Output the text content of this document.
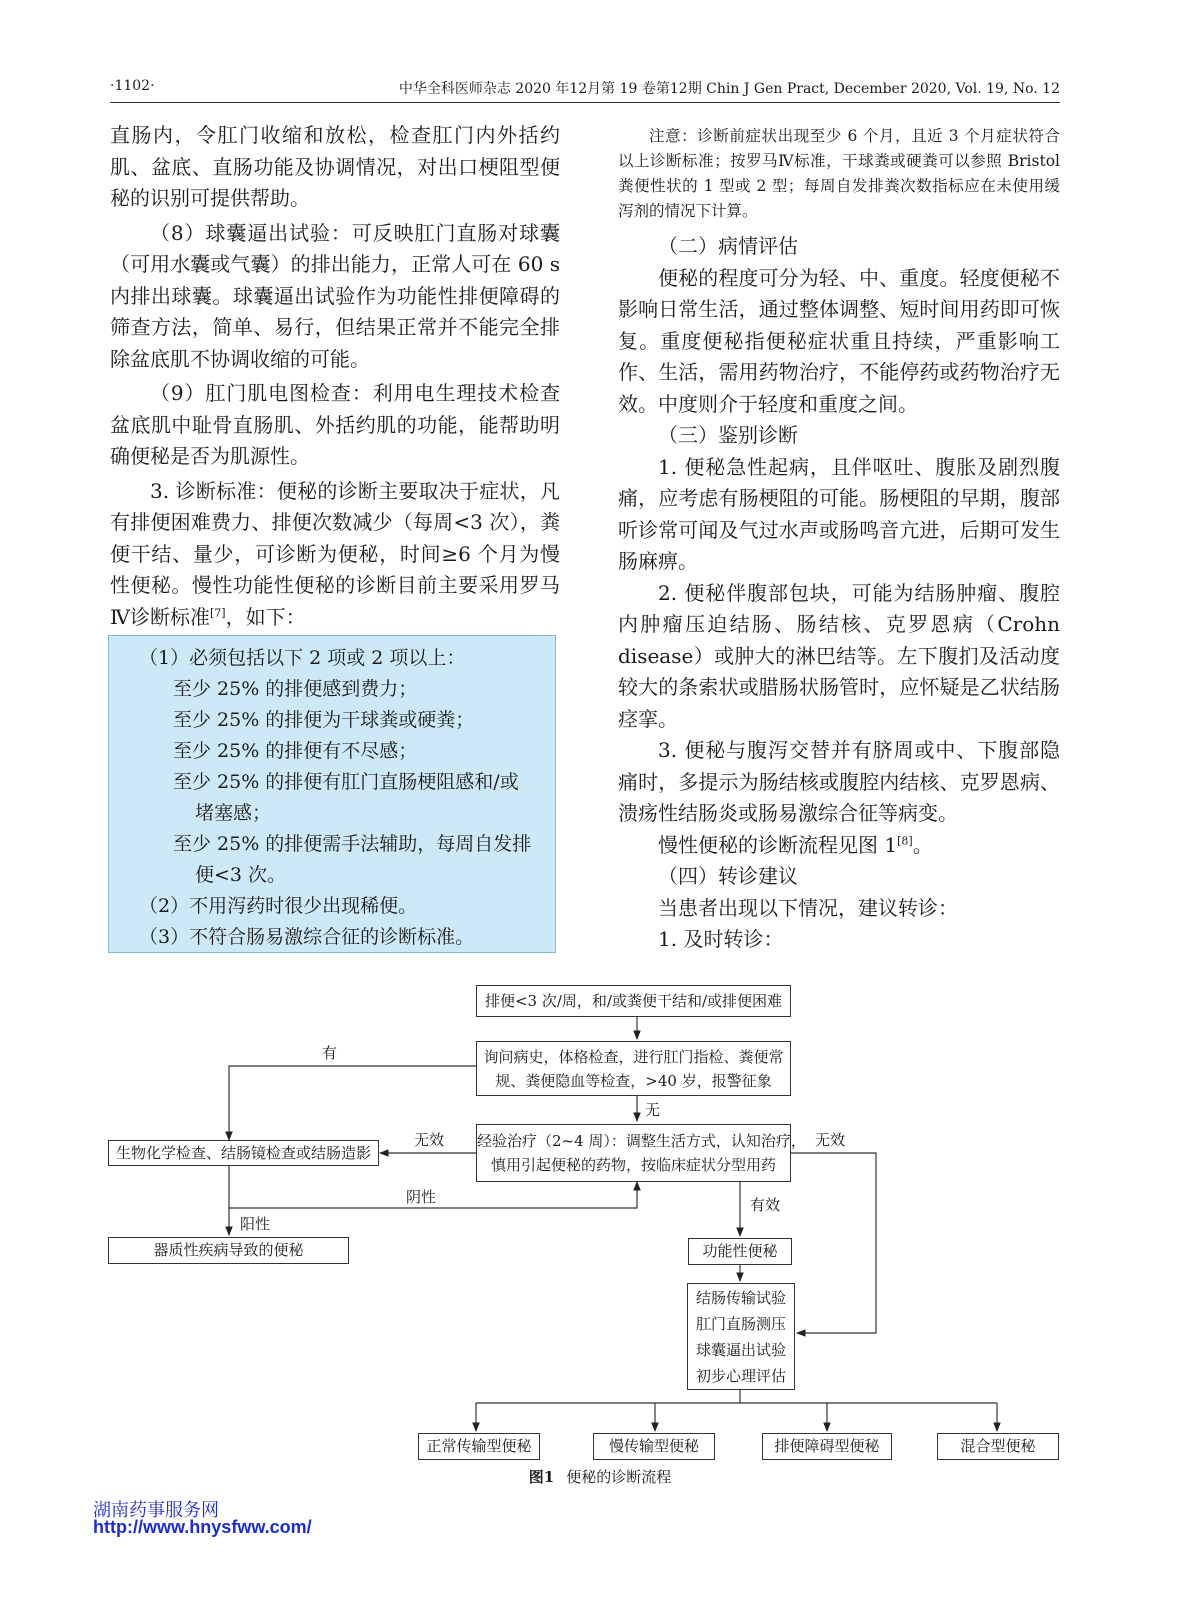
·1102·	中华全科医师杂志 2020 年12月第 19 卷第12期 Chin J Gen Pract, December 2020, Vol. 19, No. 12

直肠内，令肛门收缩和放松，检查肛门内外括约肌、盆底、直肠功能及协调情况，对出口梗阻型便秘的识别可提供帮助。

（8）球囊逼出试验：可反映肛门直肠对球囊（可用水囊或气囊）的排出能力，正常人可在 60 s 内排出球囊。球囊逼出试验作为功能性排便障碍的筛查方法，简单、易行，但结果正常并不能完全排除盆底肌不协调收缩的可能。

（9）肛门肌电图检查：利用电生理技术检查盆底肌中耻骨直肠肌、外括约肌的功能，能帮助明确便秘是否为肌源性。

3. 诊断标准：便秘的诊断主要取决于症状，凡有排便困难费力、排便次数减少（每周<3 次），粪便干结、量少，可诊断为便秘，时间≥6 个月为慢性便秘。慢性功能性便秘的诊断目前主要采用罗马Ⅳ诊断标准[7]，如下：

（1）必须包括以下 2 项或 2 项以上：
至少 25% 的排便感到费力；
至少 25% 的排便为干球粪或硬粪；
至少 25% 的排便有不尽感；
至少 25% 的排便有肛门直肠梗阻感和/或
堵塞感；
至少 25% 的排便需手法辅助，每周自发排
便<3 次。
（2）不用泻药时很少出现稀便。
（3）不符合肠易激综合征的诊断标准。

注意：诊断前症状出现至少 6 个月，且近 3 个月症状符合以上诊断标准；按罗马Ⅳ标准，干球粪或硬粪可以参照 Bristol 粪便性状的 1 型或 2 型；每周自发排粪次数指标应在未使用缓泻剂的情况下计算。

（二）病情评估

便秘的程度可分为轻、中、重度。轻度便秘不影响日常生活，通过整体调整、短时间用药即可恢复。重度便秘指便秘症状重且持续，严重影响工作、生活，需用药物治疗，不能停药或药物治疗无效。中度则介于轻度和重度之间。

（三）鉴别诊断

1. 便秘急性起病，且伴呕吐、腹胀及剧烈腹痛，应考虑有肠梗阻的可能。肠梗阻的早期，腹部听诊常可闻及气过水声或肠鸣音亢进，后期可发生肠麻痹。

2. 便秘伴腹部包块，可能为结肠肿瘤、腹腔内肿瘤压迫结肠、肠结核、克罗恩病（Crohn disease）或肿大的淋巴结等。左下腹扪及活动度较大的条索状或腊肠状肠管时，应怀疑是乙状结肠痉挛。

3. 便秘与腹泻交替并有脐周或中、下腹部隐痛时，多提示为肠结核或腹腔内结核、克罗恩病、溃疡性结肠炎或肠易激综合征等病变。

慢性便秘的诊断流程见图 1[8]。

（四）转诊建议

当患者出现以下情况，建议转诊：

1. 及时转诊：

排便<3 次/周，和/或粪便干结和/或排便困难
询问病史，体格检查，进行肛门指检、粪便常
规、粪便隐血等检查，>40 岁，报警征象
经验治疗（2~4 周）：调整生活方式，认知治疗，
慎用引起便秘的药物，按临床症状分型用药
生物化学检查、结肠镜检查或结肠造影
器质性疾病导致的便秘	功能性便秘
结肠传输试验
肛门直肠测压
球囊逼出试验
初步心理评估
正常传输型便秘	慢传输型便秘	排便障碍型便秘	混合型便秘
有
无
无效	无效
有效
阴性
阳性
图1 便秘的诊断流程
湖南药事服务网
http://www.hnysfww.com/
